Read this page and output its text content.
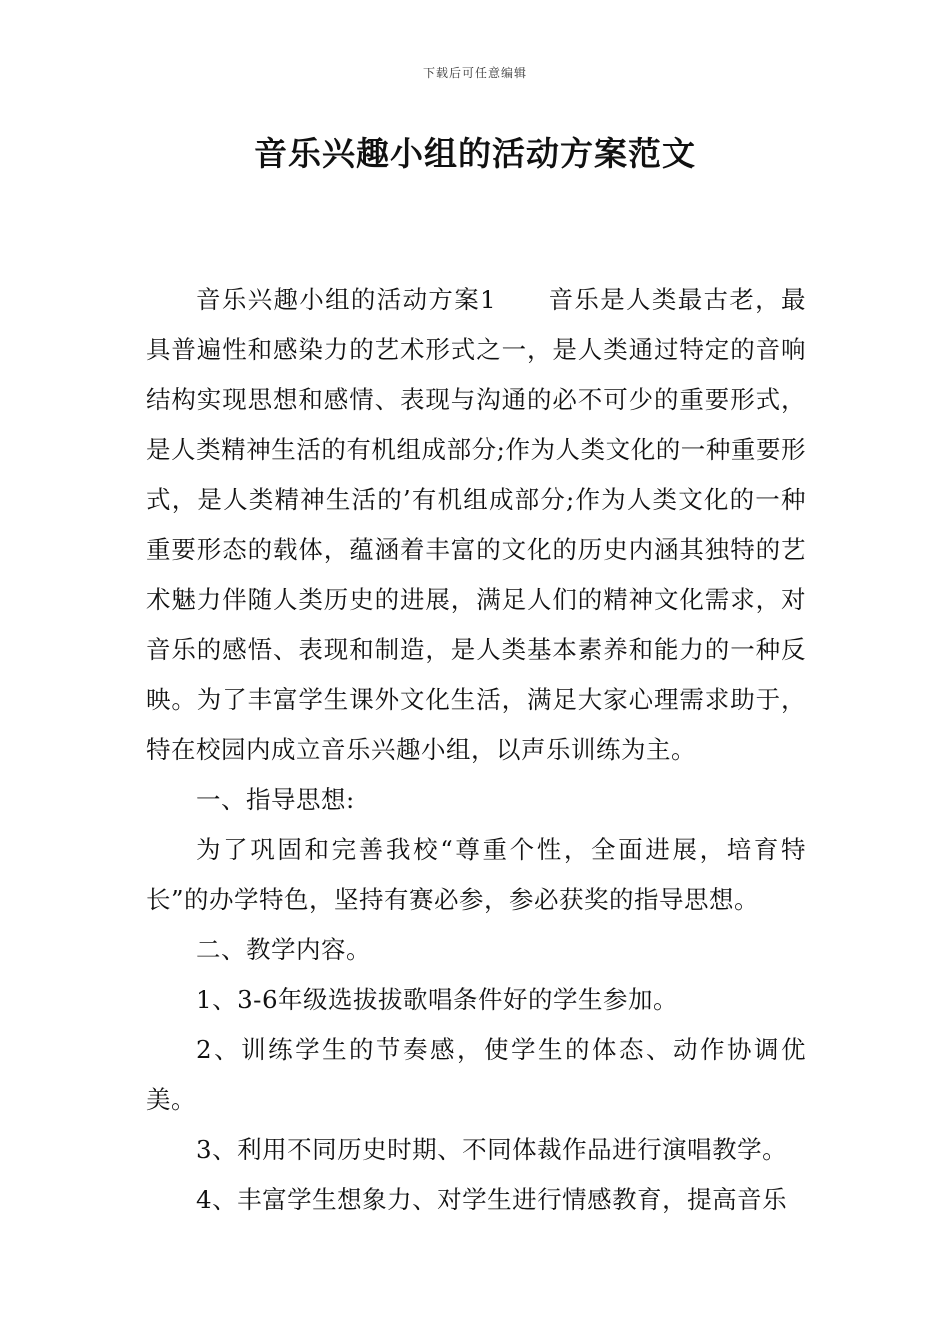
下载后可任意编辑
音乐兴趣小组的活动方案范文

音乐兴趣小组的活动方案1　　音乐是人类最古老，最具普遍性和感染力的艺术形式之一，是人类通过特定的音响结构实现思想和感情、表现与沟通的必不可少的重要形式，是人类精神生活的有机组成部分;作为人类文化的一种重要形式，是人类精神生活的’有机组成部分;作为人类文化的一种重要形态的载体，蕴涵着丰富的文化的历史内涵其独特的艺术魅力伴随人类历史的进展，满足人们的精神文化需求，对音乐的感悟、表现和制造，是人类基本素养和能力的一种反映。为了丰富学生课外文化生活，满足大家心理需求助于，特在校园内成立音乐兴趣小组，以声乐训练为主。

一、指导思想:

为了巩固和完善我校“尊重个性，全面进展，培育特长”的办学特色，坚持有赛必参，参必获奖的指导思想。

二、教学内容。

1、3-6年级选拔拔歌唱条件好的学生参加。

2、训练学生的节奏感，使学生的体态、动作协调优美。

3、利用不同历史时期、不同体裁作品进行演唱教学。

4、丰富学生想象力、对学生进行情感教育，提高音乐
